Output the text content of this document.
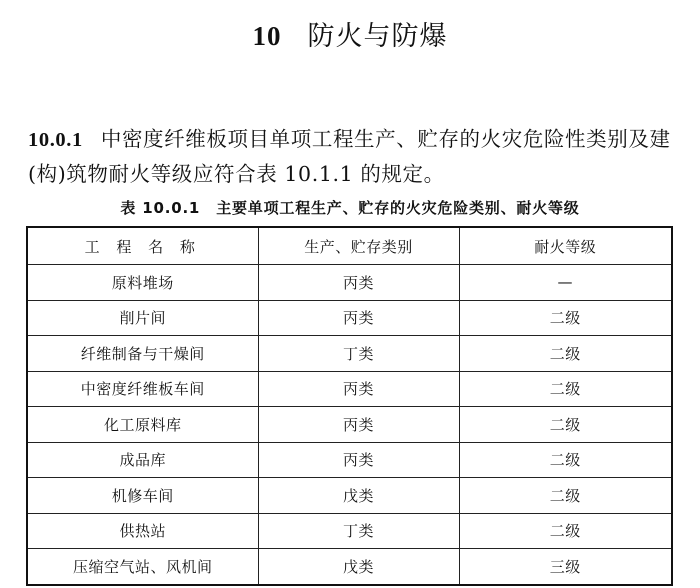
10 防火与防爆
10.0.1 中密度纤维板项目单项工程生产、贮存的火灾危险性类别及建(构)筑物耐火等级应符合表 10.1.1 的规定。
表 10.0.1 主要单项工程生产、贮存的火灾危险类别、耐火等级
工 程 名 称	生产、贮存类别	耐火等级
原料堆场	丙类	—
削片间	丙类	二级
纤维制备与干燥间	丁类	二级
中密度纤维板车间	丙类	二级
化工原料库	丙类	二级
成品库	丙类	二级
机修车间	戊类	二级
供热站	丁类	二级
压缩空气站、风机间	戊类	三级
